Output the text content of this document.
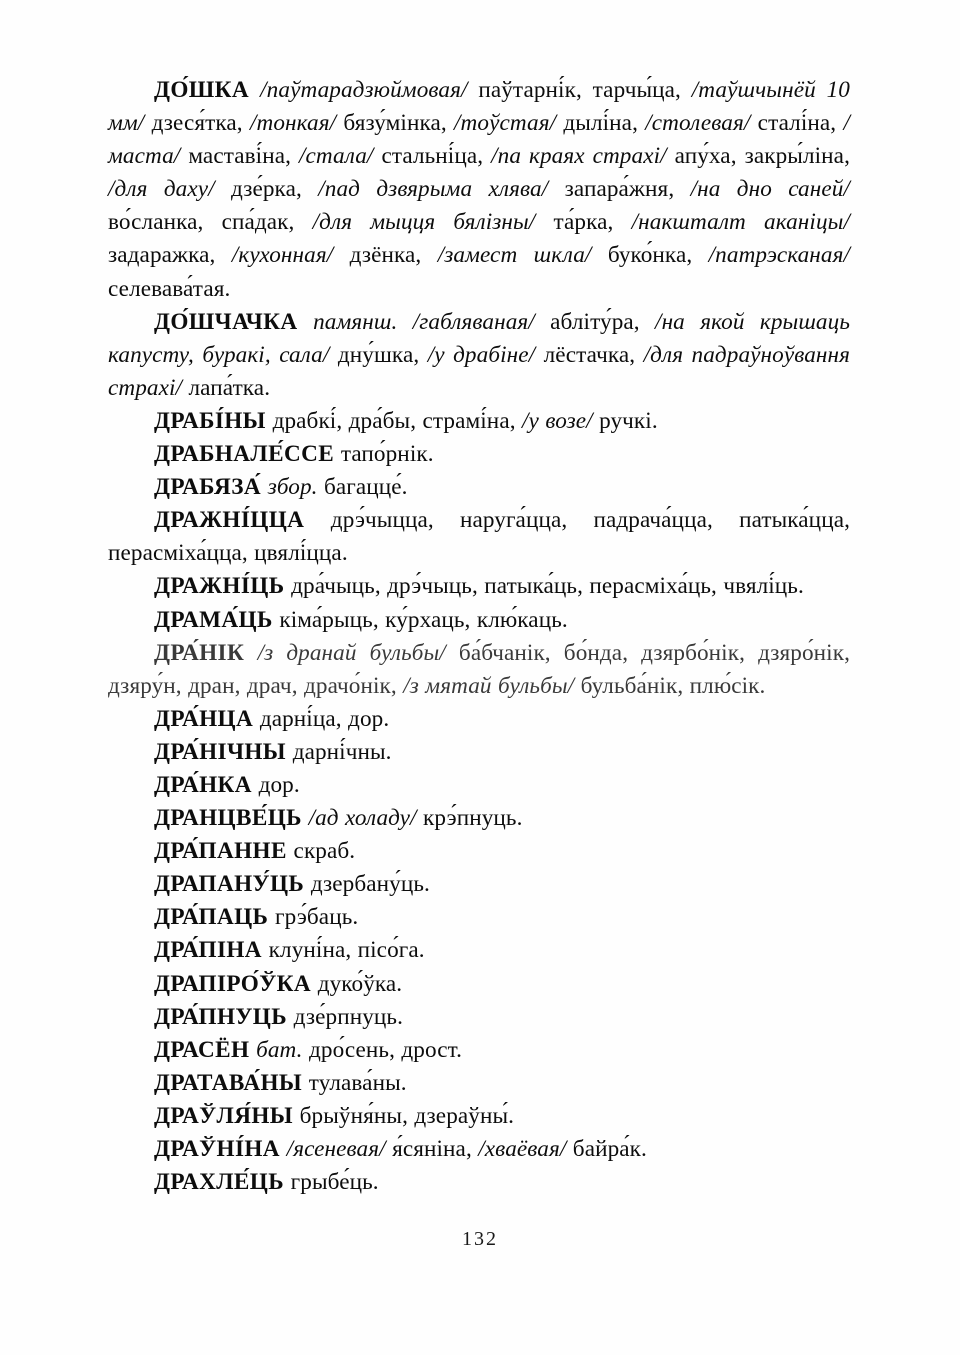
ДО́ШКА /паўтарадзюймовая/ паўтарні́к, тарчы́ца, /таўшчынёй 10 мм/ дзеся́тка, /тонкая/ бязу́мінка, /тоўстая/ дылі́на, /столевая/ сталі́на, /маста/ маставі́на, /стала/ стальні́ца, /па краях страхі/ апу́ха, закры́ліна, /для даху/ дзе́рка, /пад дзвярыма хлява/ запара́жня, /на дно саней/ во́сланка, спа́дак, /для мыцця бялізны/ та́рка, /накшталт аканіцы/ задаражка, /кухонная/ дзёнка, /замест шкла/ буко́нка, /патрэсканая/ селевава́тая.

ДО́ШЧАЧКА памянш. /габляваная/ абліту́ра, /на якой крышаць капусту, буракі, сала/ дну́шка, /у драбіне/ лёстачка, /для падраўноўвання страхі/ лапа́тка.

ДРАБІ́НЫ драбкі́, дра́бы, страмі́на, /у возе/ ручкі.

ДРАБНАЛЕ́ССЕ тапо́рнік.

ДРАБЯЗА́ збор. багацце́.

ДРАЖНІ́ЦЦА дрэ́чыцца, наруга́цца, падрача́цца, патыка́цца, перасміха́цца, цвялі́цца.

ДРАЖНІ́ЦЬ дра́чыць, дрэ́чыць, патыка́ць, перасміха́ць, чвялі́ць.

ДРАМА́ЦЬ кіма́рыць, ку́рхаць, клю́каць.

ДРА́НІК /з дранай бульбы/ ба́бчанік, бо́нда, дзярбо́нік, дзяро́нік, дзяру́н, дран, драч, драчо́нік, /з мятай бульбы/ бульба́нік, плю́сік.

ДРА́НЦА дарні́ца, дор.

ДРА́НІЧНЫ дарні́чны.

ДРА́НКА дор.

ДРАНЦВЕ́ЦЬ /ад холаду/ крэ́пнуць.

ДРА́ПАННЕ скраб.

ДРАПАНУ́ЦЬ дзербану́ць.

ДРА́ПАЦЬ грэ́баць.

ДРА́ПІНА клуні́на, пісо́га.

ДРАПІРО́ЎКА дуко́ўка.

ДРА́ПНУЦЬ дзе́рпнуць.

ДРАСЁН бат. дро́сень, дрост.

ДРАТАВА́НЫ тулава́ны.

ДРАЎЛЯ́НЫ брыўня́ны, дзераўны́.

ДРАЎНІ́НА /ясеневая/ я́сяніна, /хваёвая/ байра́к.

ДРАХЛЕ́ЦЬ грыбе́ць.

132
